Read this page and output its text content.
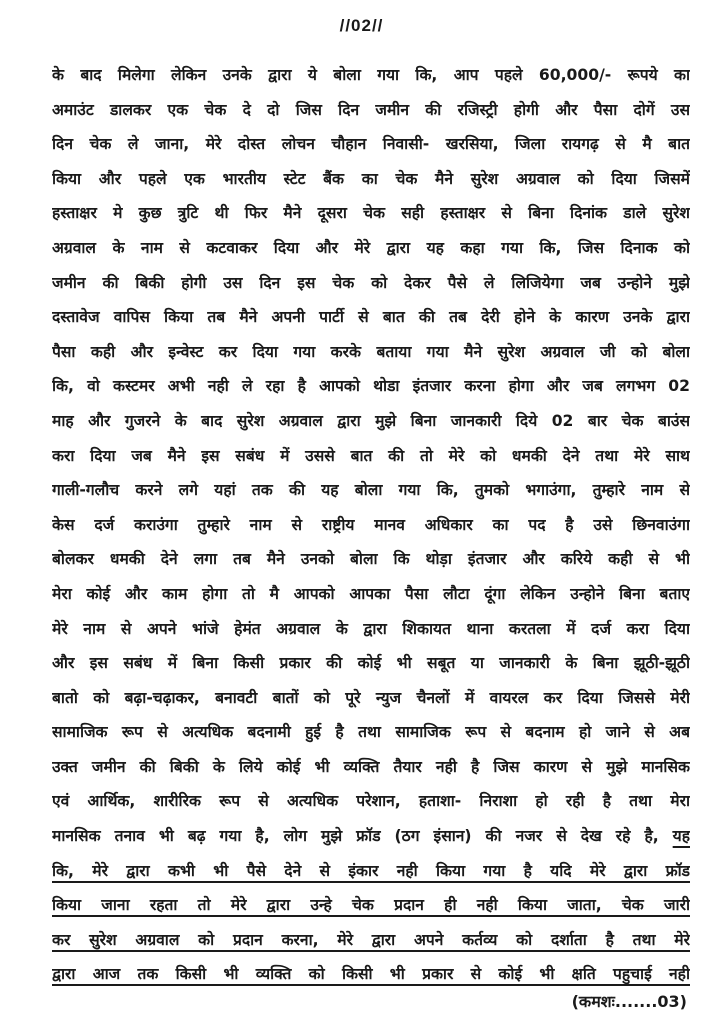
//02//
के बाद मिलेगा लेकिन उनके द्वारा ये बोला गया कि, आप पहले 60,000/- रूपये का
अमाउंट डालकर एक चेक दे दो जिस दिन जमीन की रजिस्ट्री होगी और पैसा दोगें उस
दिन चेक ले जाना, मेरे दोस्त लोचन चौहान निवासी- खरसिया, जिला रायगढ़ से मै बात
किया और पहले एक भारतीय स्टेट बैंक का चेक मैने सुरेश अग्रवाल को दिया जिसमें
हस्ताक्षर मे कुछ त्रुटि थी फिर मैने दूसरा चेक सही हस्ताक्षर से बिना दिनांक डाले सुरेश
अग्रवाल के नाम से कटवाकर दिया और मेरे द्वारा यह कहा गया कि, जिस दिनाक को
जमीन की बिकी होगी उस दिन इस चेक को देकर पैसे ले लिजियेगा जब उन्होने मुझे
दस्तावेज वापिस किया तब मैने अपनी पार्टी से बात की तब देरी होने के कारण उनके द्वारा
पैसा कही और इन्वेस्ट कर दिया गया करके बताया गया मैने सुरेश अग्रवाल जी को बोला
कि, वो कस्टमर अभी नही ले रहा है आपको थोडा इंतजार करना होगा और जब लगभग 02
माह और गुजरने के बाद सुरेश अग्रवाल द्वारा मुझे बिना जानकारी दिये 02 बार चेक बाउंस
करा दिया जब मैने इस सबंध में उससे बात की तो मेरे को धमकी देने तथा मेरे साथ
गाली-गलौच करने लगे यहां तक की यह बोला गया कि, तुमको भगाउंगा, तुम्हारे नाम से
केस दर्ज कराउंगा तुम्हारे नाम से राष्ट्रीय मानव अधिकार का पद है उसे छिनवाउंगा
बोलकर धमकी देने लगा तब मैने उनको बोला कि थोड़ा इंतजार और करिये कही से भी
मेरा कोई और काम होगा तो मै आपको आपका पैसा लौटा दूंगा लेकिन उन्होने बिना बताए
मेरे नाम से अपने भांजे हेमंत अग्रवाल के द्वारा शिकायत थाना करतला में दर्ज करा दिया
और इस सबंध में बिना किसी प्रकार की कोई भी सबूत या जानकारी के बिना झूठी-झूठी
बातो को बढ़ा-चढ़ाकर, बनावटी बातों को पूरे न्युज चैनलों में वायरल कर दिया जिससे मेरी
सामाजिक रूप से अत्यधिक बदनामी हुई है तथा सामाजिक रूप से बदनाम हो जाने से अब
उक्त जमीन की बिकी के लिये कोई भी व्यक्ति तैयार नही है जिस कारण से मुझे मानसिक
एवं आर्थिक, शारीरिक रूप से अत्यधिक परेशान, हताशा- निराशा हो रही है तथा मेरा
मानसिक तनाव भी बढ़ गया है, लोग मुझे फ्रॉड (ठग इंसान) की नजर से देख रहे है, यह
कि, मेरे द्वारा कभी भी पैसे देने से इंकार नही किया गया है यदि मेरे द्वारा फ्रॉड
किया जाना रहता तो मेरे द्वारा उन्हे चेक प्रदान ही नही किया जाता, चेक जारी
कर सुरेश अग्रवाल को प्रदान करना, मेरे द्वारा अपने कर्तव्य को दर्शाता है तथा मेरे
द्वारा आज तक किसी भी व्यक्ति को किसी भी प्रकार से कोई भी क्षति पहुचाई नही
(कमशः.......03)
